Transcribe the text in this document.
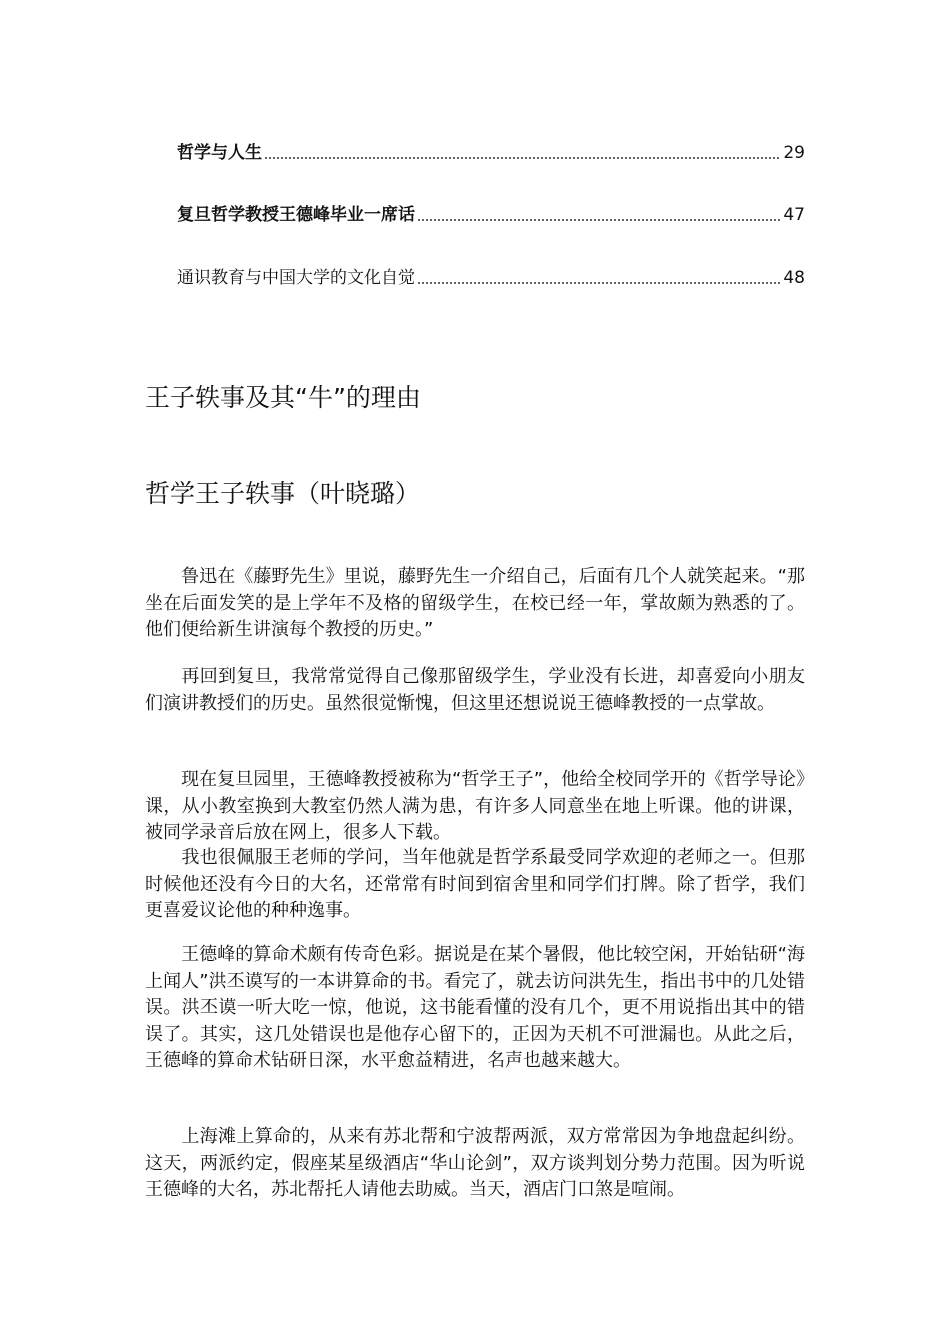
哲学与人生	29
复旦哲学教授王德峰毕业一席话	47
通识教育与中国大学的文化自觉	48
王子轶事及其“牛”的理由
哲学王子轶事（叶晓璐）

鲁迅在《藤野先生》里说，藤野先生一介绍自己，后面有几个人就笑起来。“那坐在后面发笑的是上学年不及格的留级学生，在校已经一年，掌故颇为熟悉的了。他们便给新生讲演每个教授的历史。”

再回到复旦，我常常觉得自己像那留级学生，学业没有长进，却喜爱向小朋友们演讲教授们的历史。虽然很觉惭愧，但这里还想说说王德峰教授的一点掌故。

现在复旦园里，王德峰教授被称为“哲学王子”，他给全校同学开的《哲学导论》课，从小教室换到大教室仍然人满为患，有许多人同意坐在地上听课。他的讲课，被同学录音后放在网上，很多人下载。

我也很佩服王老师的学问，当年他就是哲学系最受同学欢迎的老师之一。但那时候他还没有今日的大名，还常常有时间到宿舍里和同学们打牌。除了哲学，我们更喜爱议论他的种种逸事。

王德峰的算命术颇有传奇色彩。据说是在某个暑假，他比较空闲，开始钻研“海上闻人”洪丕谟写的一本讲算命的书。看完了，就去访问洪先生，指出书中的几处错误。洪丕谟一听大吃一惊，他说，这书能看懂的没有几个，更不用说指出其中的错误了。其实，这几处错误也是他存心留下的，正因为天机不可泄漏也。从此之后，王德峰的算命术钻研日深，水平愈益精进，名声也越来越大。

上海滩上算命的，从来有苏北帮和宁波帮两派，双方常常因为争地盘起纠纷。这天，两派约定，假座某星级酒店“华山论剑”，双方谈判划分势力范围。因为听说王德峰的大名，苏北帮托人请他去助威。当天，酒店门口煞是喧闹。
